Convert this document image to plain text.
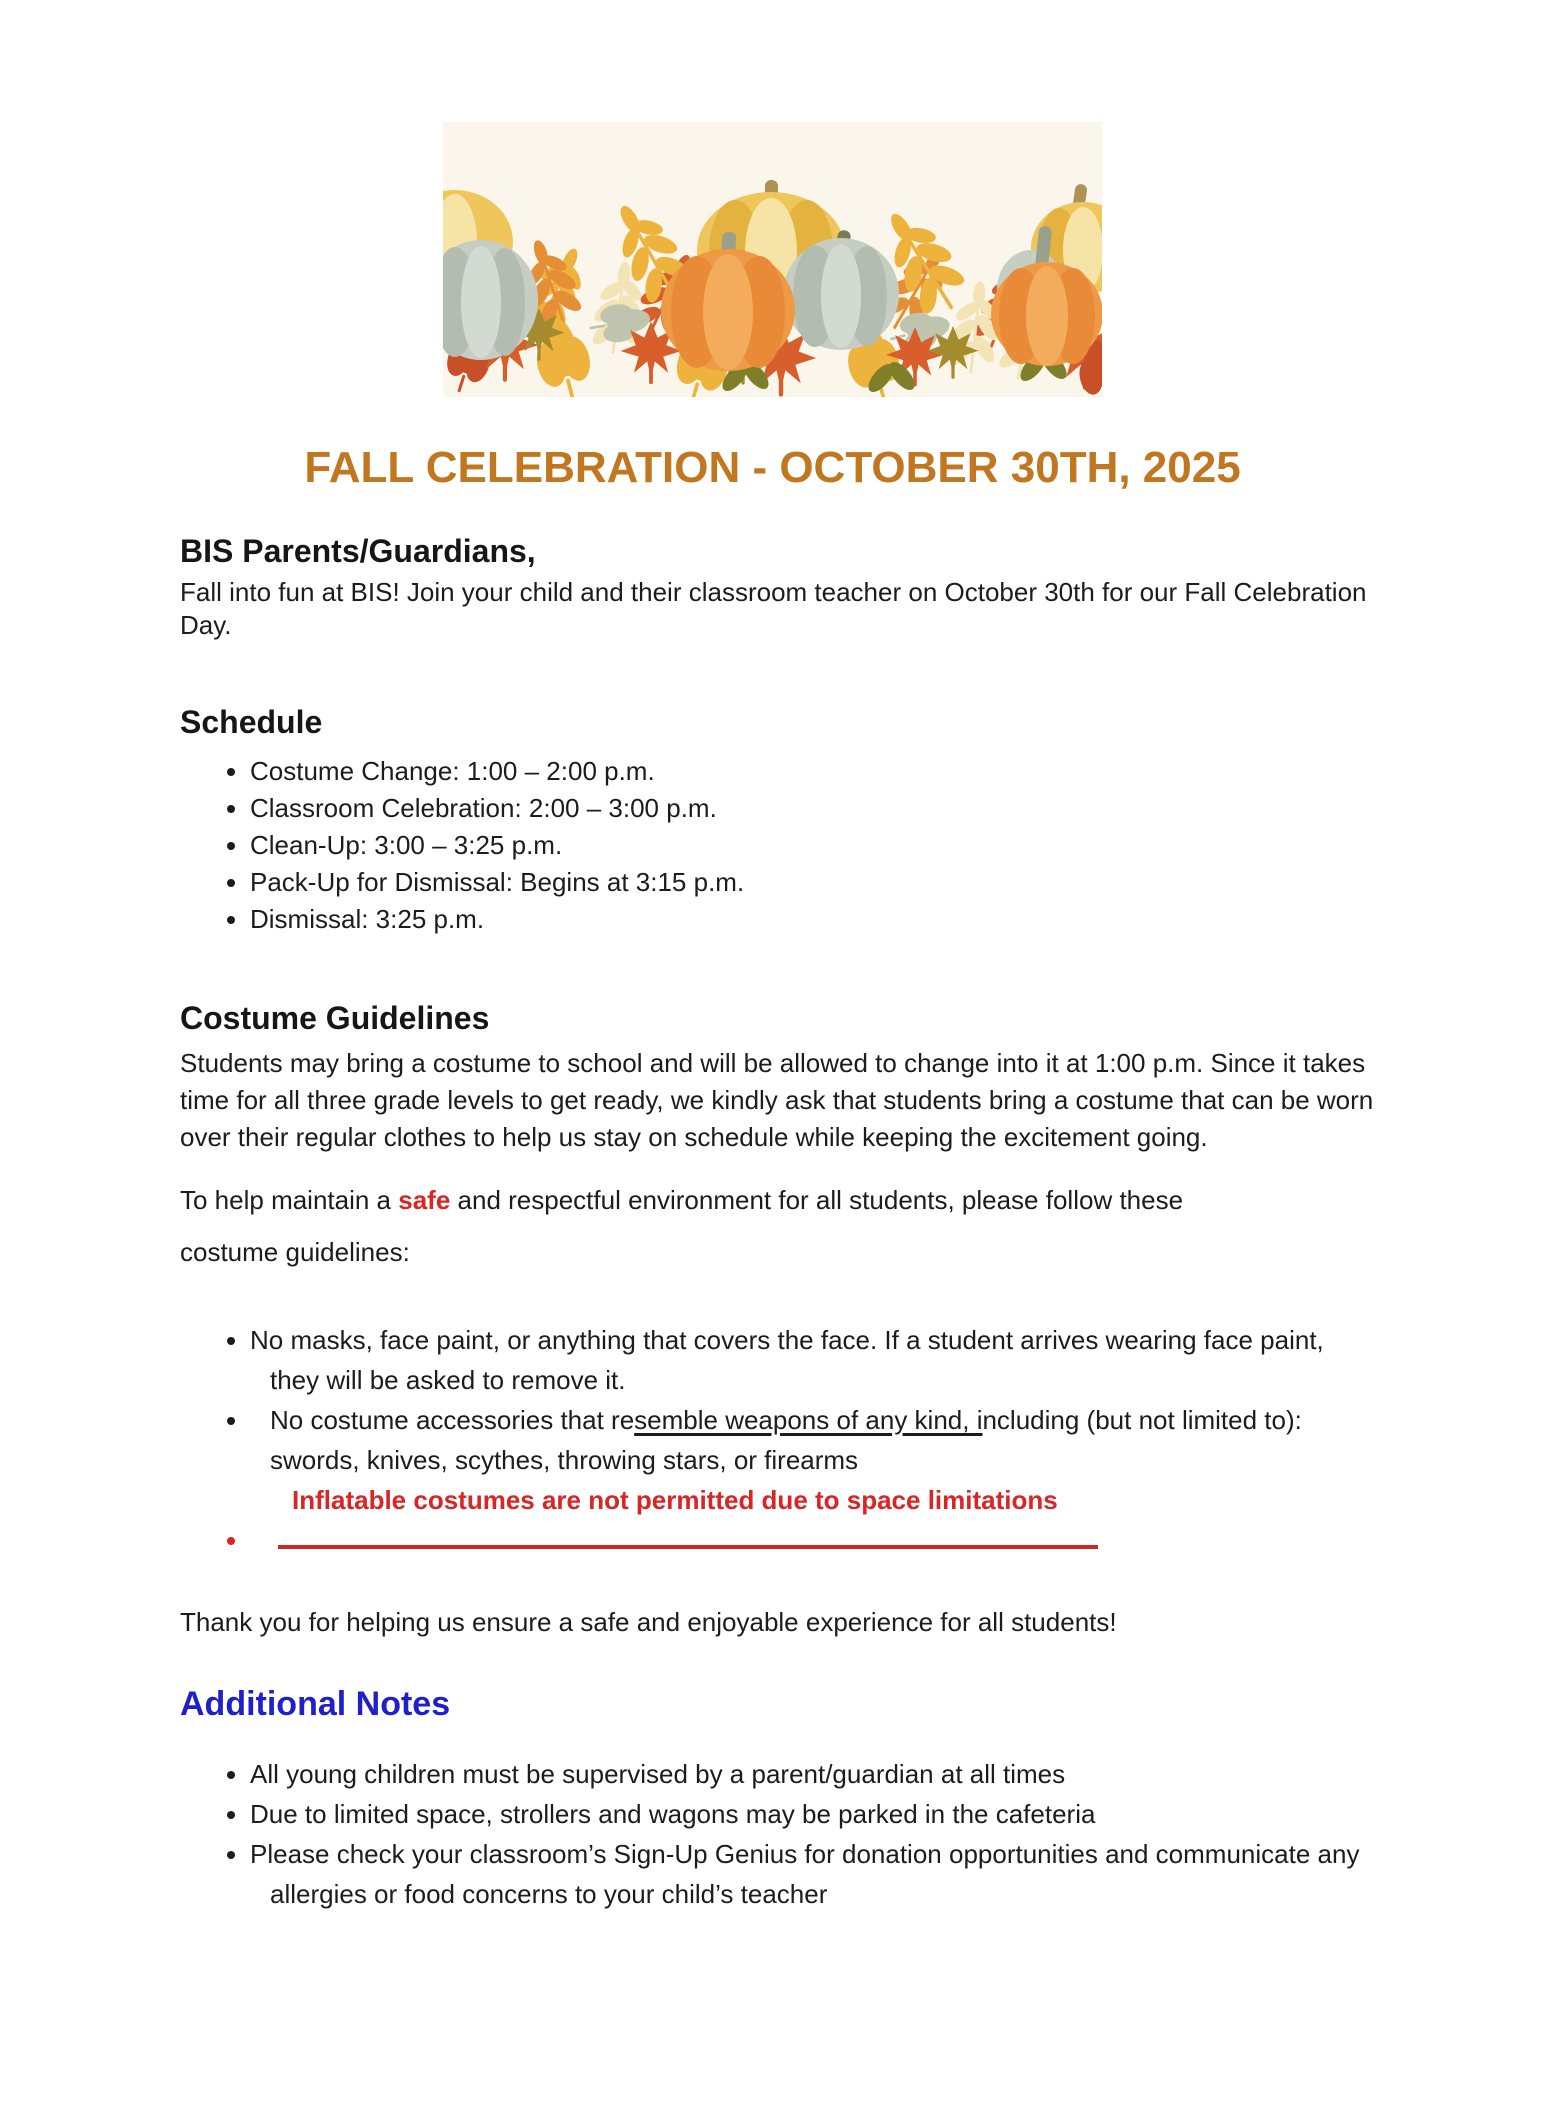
FALL CELEBRATION - OCTOBER 30TH, 2025
BIS Parents/Guardians,

Fall into fun at BIS! Join your child and their classroom teacher on October 30th for our Fall Celebration Day.

Schedule
• Costume Change: 1:00 – 2:00 p.m.
• Classroom Celebration: 2:00 – 3:00 p.m.
• Clean-Up: 3:00 – 3:25 p.m.
• Pack-Up for Dismissal: Begins at 3:15 p.m.
• Dismissal: 3:25 p.m.
Costume Guidelines

Students may bring a costume to school and will be allowed to change into it at 1:00 p.m. Since it takes time for all three grade levels to get ready, we kindly ask that students bring a costume that can be worn over their regular clothes to help us stay on schedule while keeping the excitement going.

To help maintain a safe and respectful environment for all students, please follow these
costume guidelines:

• No masks, face paint, or anything that covers the face. If a student arrives wearing face paint, they will be asked to remove it.
• No costume accessories that resemble weapons of any kind, including (but not limited to): swords, knives, scythes, throwing stars, or firearms
Inflatable costumes are not permitted due to space limitations
•

Thank you for helping us ensure a safe and enjoyable experience for all students!

Additional Notes
• All young children must be supervised by a parent/guardian at all times
• Due to limited space, strollers and wagons may be parked in the cafeteria
• Please check your classroom’s Sign-Up Genius for donation opportunities and communicate any allergies or food concerns to your child’s teacher
